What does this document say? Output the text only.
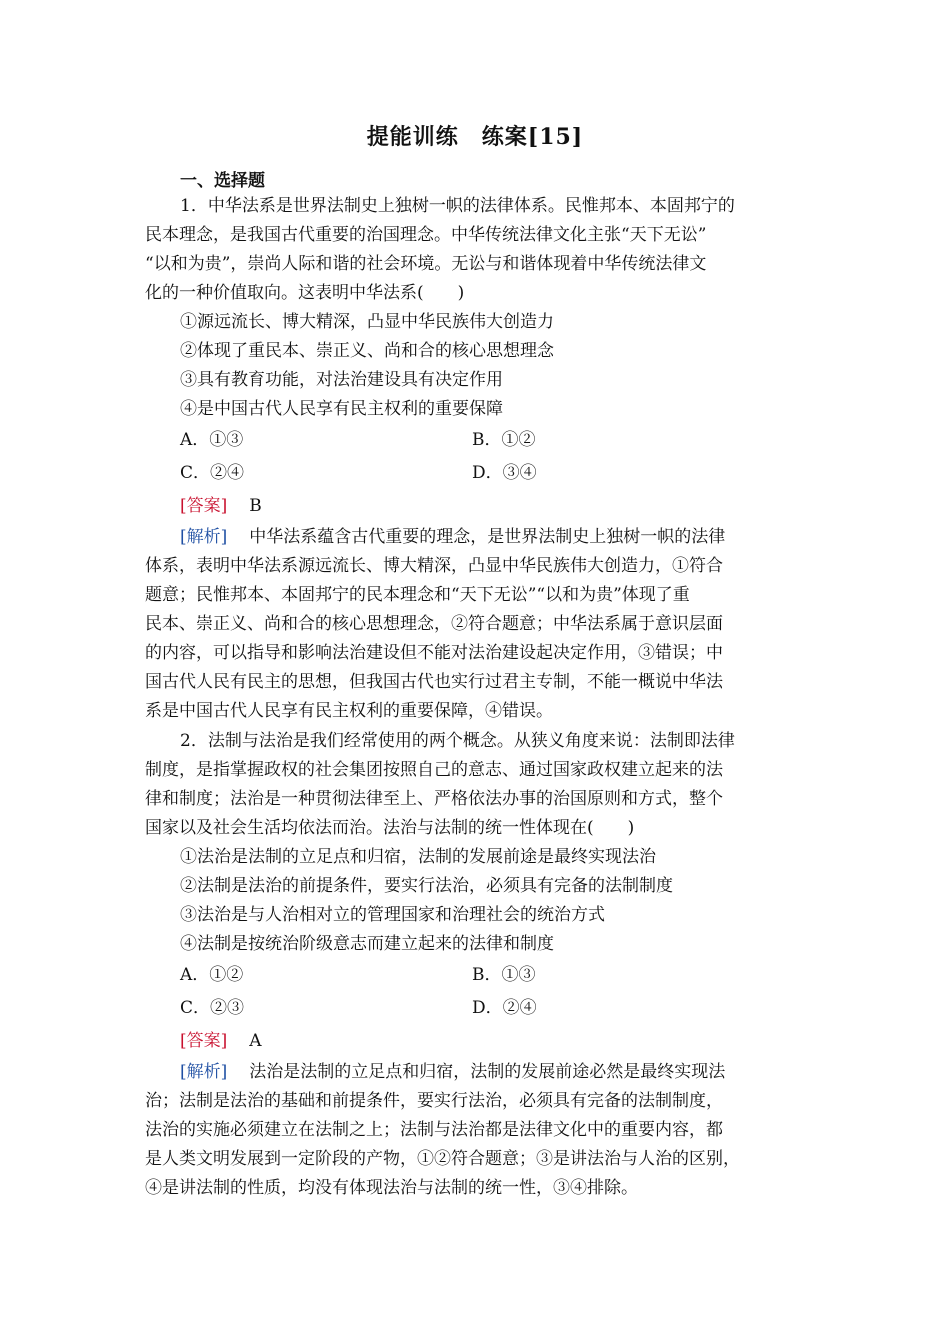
提能训练　练案[15]
一、选择题

1．中华法系是世界法制史上独树一帜的法律体系。民惟邦本、本固邦宁的

民本理念，是我国古代重要的治国理念。中华传统法律文化主张“天下无讼”

“以和为贵”，崇尚人际和谐的社会环境。无讼与和谐体现着中华传统法律文

化的一种价值取向。这表明中华法系(　　)

①源远流长、博大精深，凸显中华民族伟大创造力

②体现了重民本、崇正义、尚和合的核心思想理念

③具有教育功能，对法治建设具有决定作用

④是中国古代人民享有民主权利的重要保障

A．①③	B．①②
C．②④	D．③④
[答案] B

[解析] 中华法系蕴含古代重要的理念，是世界法制史上独树一帜的法律

体系，表明中华法系源远流长、博大精深，凸显中华民族伟大创造力，①符合

题意；民惟邦本、本固邦宁的民本理念和“天下无讼”“以和为贵”体现了重

民本、崇正义、尚和合的核心思想理念，②符合题意；中华法系属于意识层面

的内容，可以指导和影响法治建设但不能对法治建设起决定作用，③错误；中

国古代人民有民主的思想，但我国古代也实行过君主专制，不能一概说中华法

系是中国古代人民享有民主权利的重要保障，④错误。

2．法制与法治是我们经常使用的两个概念。从狭义角度来说：法制即法律

制度，是指掌握政权的社会集团按照自己的意志、通过国家政权建立起来的法

律和制度；法治是一种贯彻法律至上、严格依法办事的治国原则和方式，整个

国家以及社会生活均依法而治。法治与法制的统一性体现在(　　)

①法治是法制的立足点和归宿，法制的发展前途是最终实现法治

②法制是法治的前提条件，要实行法治，必须具有完备的法制制度

③法治是与人治相对立的管理国家和治理社会的统治方式

④法制是按统治阶级意志而建立起来的法律和制度

A．①②	B．①③
C．②③	D．②④
[答案] A

[解析] 法治是法制的立足点和归宿，法制的发展前途必然是最终实现法

治；法制是法治的基础和前提条件，要实行法治，必须具有完备的法制制度，

法治的实施必须建立在法制之上；法制与法治都是法律文化中的重要内容，都

是人类文明发展到一定阶段的产物，①②符合题意；③是讲法治与人治的区别，

④是讲法制的性质，均没有体现法治与法制的统一性，③④排除。
